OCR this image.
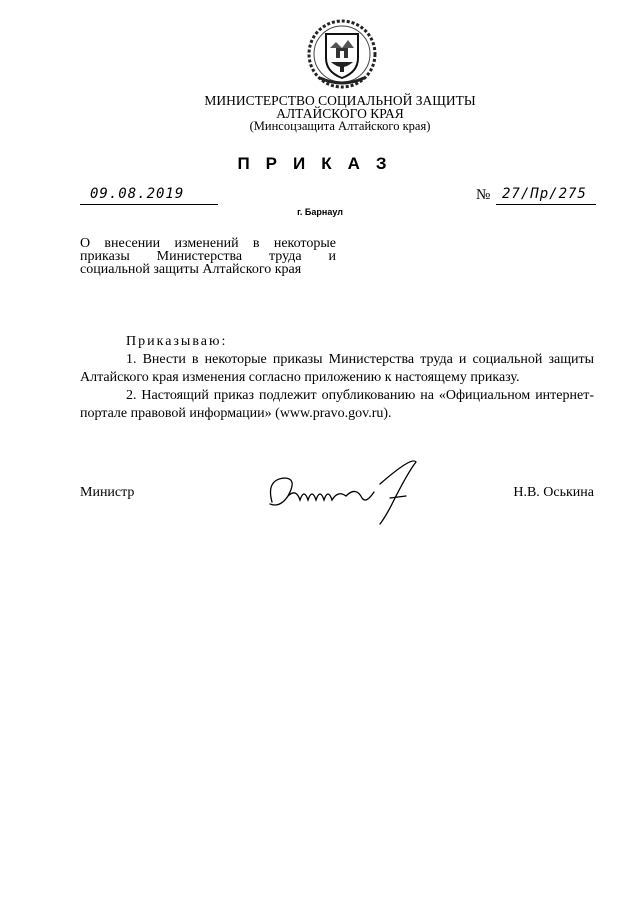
МИНИСТЕРСТВО СОЦИАЛЬНОЙ ЗАЩИТЫ
АЛТАЙСКОГО КРАЯ
(Минсоцзащита Алтайского края)
ПРИКАЗ
09.08.2019	№ 27/Пр/275
г. Барнаул
О внесении изменений в некоторые приказы Министерства труда и социальной защиты Алтайского края

Приказываю:

1. Внести в некоторые приказы Министерства труда и социальной защиты Алтайского края изменения согласно приложению к настоящему приказу.

2. Настоящий приказ подлежит опубликованию на «Официальном интернет-портале правовой информации» (www.pravo.gov.ru).

Министр	Н.В. Оськина
